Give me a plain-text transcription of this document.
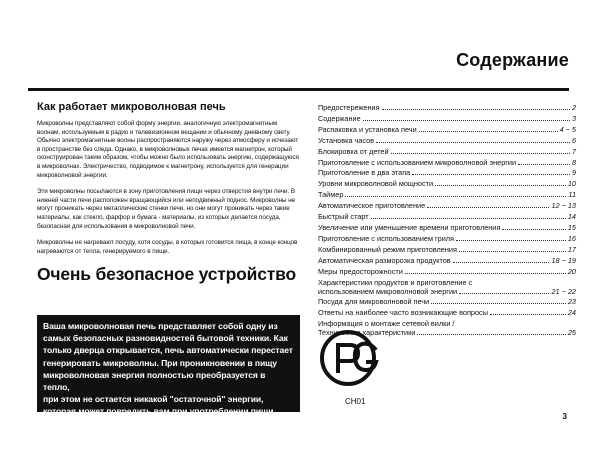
Содержание
Как работает микроволновая печь

Микроволны представляют собой форму энергии, аналогичную электромагнитным волнам, используемым в радио и телевизионном вещании и обычному дневному свету. Обычно электромагнитные волны распространяются наружу через атмосферу и исчезают в пространстве без следа. Однако, в микроволновых печах имеется магнетрон, который сконструирован таким образом, чтобы можно было использовать энергию, содержащуюся в микроволнах. Электричество, подводимое к магнетрону, используется для генерации микроволновой энергии.

Эти микроволны посылаются в зону приготовления пищи через отверстия внутри печи. В нижней части печи расположен вращающийся или неподвижный поднос. Микроволны не могут проникать через металлические стенки печи, но они могут проникать через такие материалы, как стекло, фарфор и бумага - материалы, из которых делается посуда, безопасная для использования в микроволновой печи.

Микроволны не нагревают посуду, хотя сосуды, в которых готовится пища, в конце концов нагреваются от тепла, генерируемого в пище.

Очень безопасное устройство
Ваша микроволновая печь представляет собой одну из
самых безопасных разновидностей бытовой техники. Как
только дверца открывается, печь автоматически перестает
генерировать микроволны. При проникновении в пищу
микроволновая энергия полностью преобразуется в тепло,
при этом не остается никакой "остаточной" энергии,
которая может повредить вам при употреблении пищи.
Предостережения	2
Содержание	3
Распаковка и установка печи	4 ~ 5
Установка часов	6
Блокировка от детей	7
Приготовление с использованием микроволновой энергии	8
Приготовление в два этапа	9
Уровни микроволновой мощности	10
Таймер	11
Автоматическое приготовление	12 ~ 13
Быстрый старт	14
Увеличение или уменьшение времени приготовления	15
Приготовление с использованием гриля	16
Комбинированный режим приготовления	17
Автоматическая разморозка продуктов	18 ~ 19
Меры предосторожности	20
Характеристики продуктов и приготовление с
использованием микроволновой энергии	21 ~ 22
Посуда для микроволновой печи	23
Ответы на наиболее часто возникающие вопросы	24
Информация о монтаже сетевой вилки /
Технические характеристики	25
СН01
3
